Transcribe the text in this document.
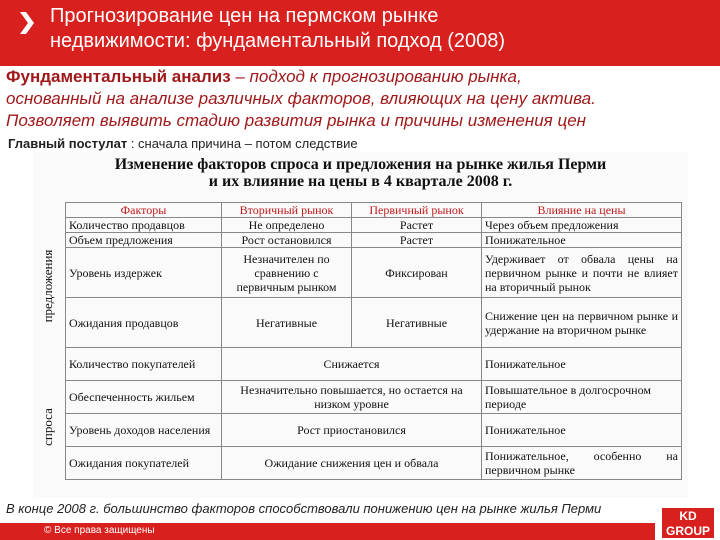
Прогнозирование цен на пермском рынке
недвижимости: фундаментальный подход (2008)
Фундаментальный анализ – подход к прогнозированию рынка,
основанный на анализе различных факторов, влияющих на цену актива.
Позволяет выявить стадию развития рынка и причины изменения цен
Главный постулат : сначала причина – потом следствие
Изменение факторов спроса и предложения на рынке жилья Перми
и их влияние на цены в 4 квартале 2008 г.
предложения
спроса
Факторы	Вторичный рынок	Первичный рынок	Влияние на цены
Количество продавцов	Не определено	Растет	Через объем предложения
Объем предложения	Рост остановился	Растет	Понижательное
Уровень издержек	Незначителен по сравнению с первичным рынком	Фиксирован	Удерживает от обвала цены на первичном рынке и почти не влияет на вторичный рынок
Ожидания продавцов	Негативные	Негативные	Снижение цен на первичном рынке и удержание на вторичном рынке
Количество покупателей	Снижается		Понижательное
Обеспеченность жильем	Незначительно повышается, но остается на низком уровне		Повышательное в долгосрочном периоде
Уровень доходов населения	Рост приостановился		Понижательное
Ожидания покупателей	Ожидание снижения цен и обвала		Понижательное, особенно на первичном рынке
В конце 2008 г. большинство факторов способствовали понижению цен на рынке жилья Перми
© Все права защищены
KD
GROUP
